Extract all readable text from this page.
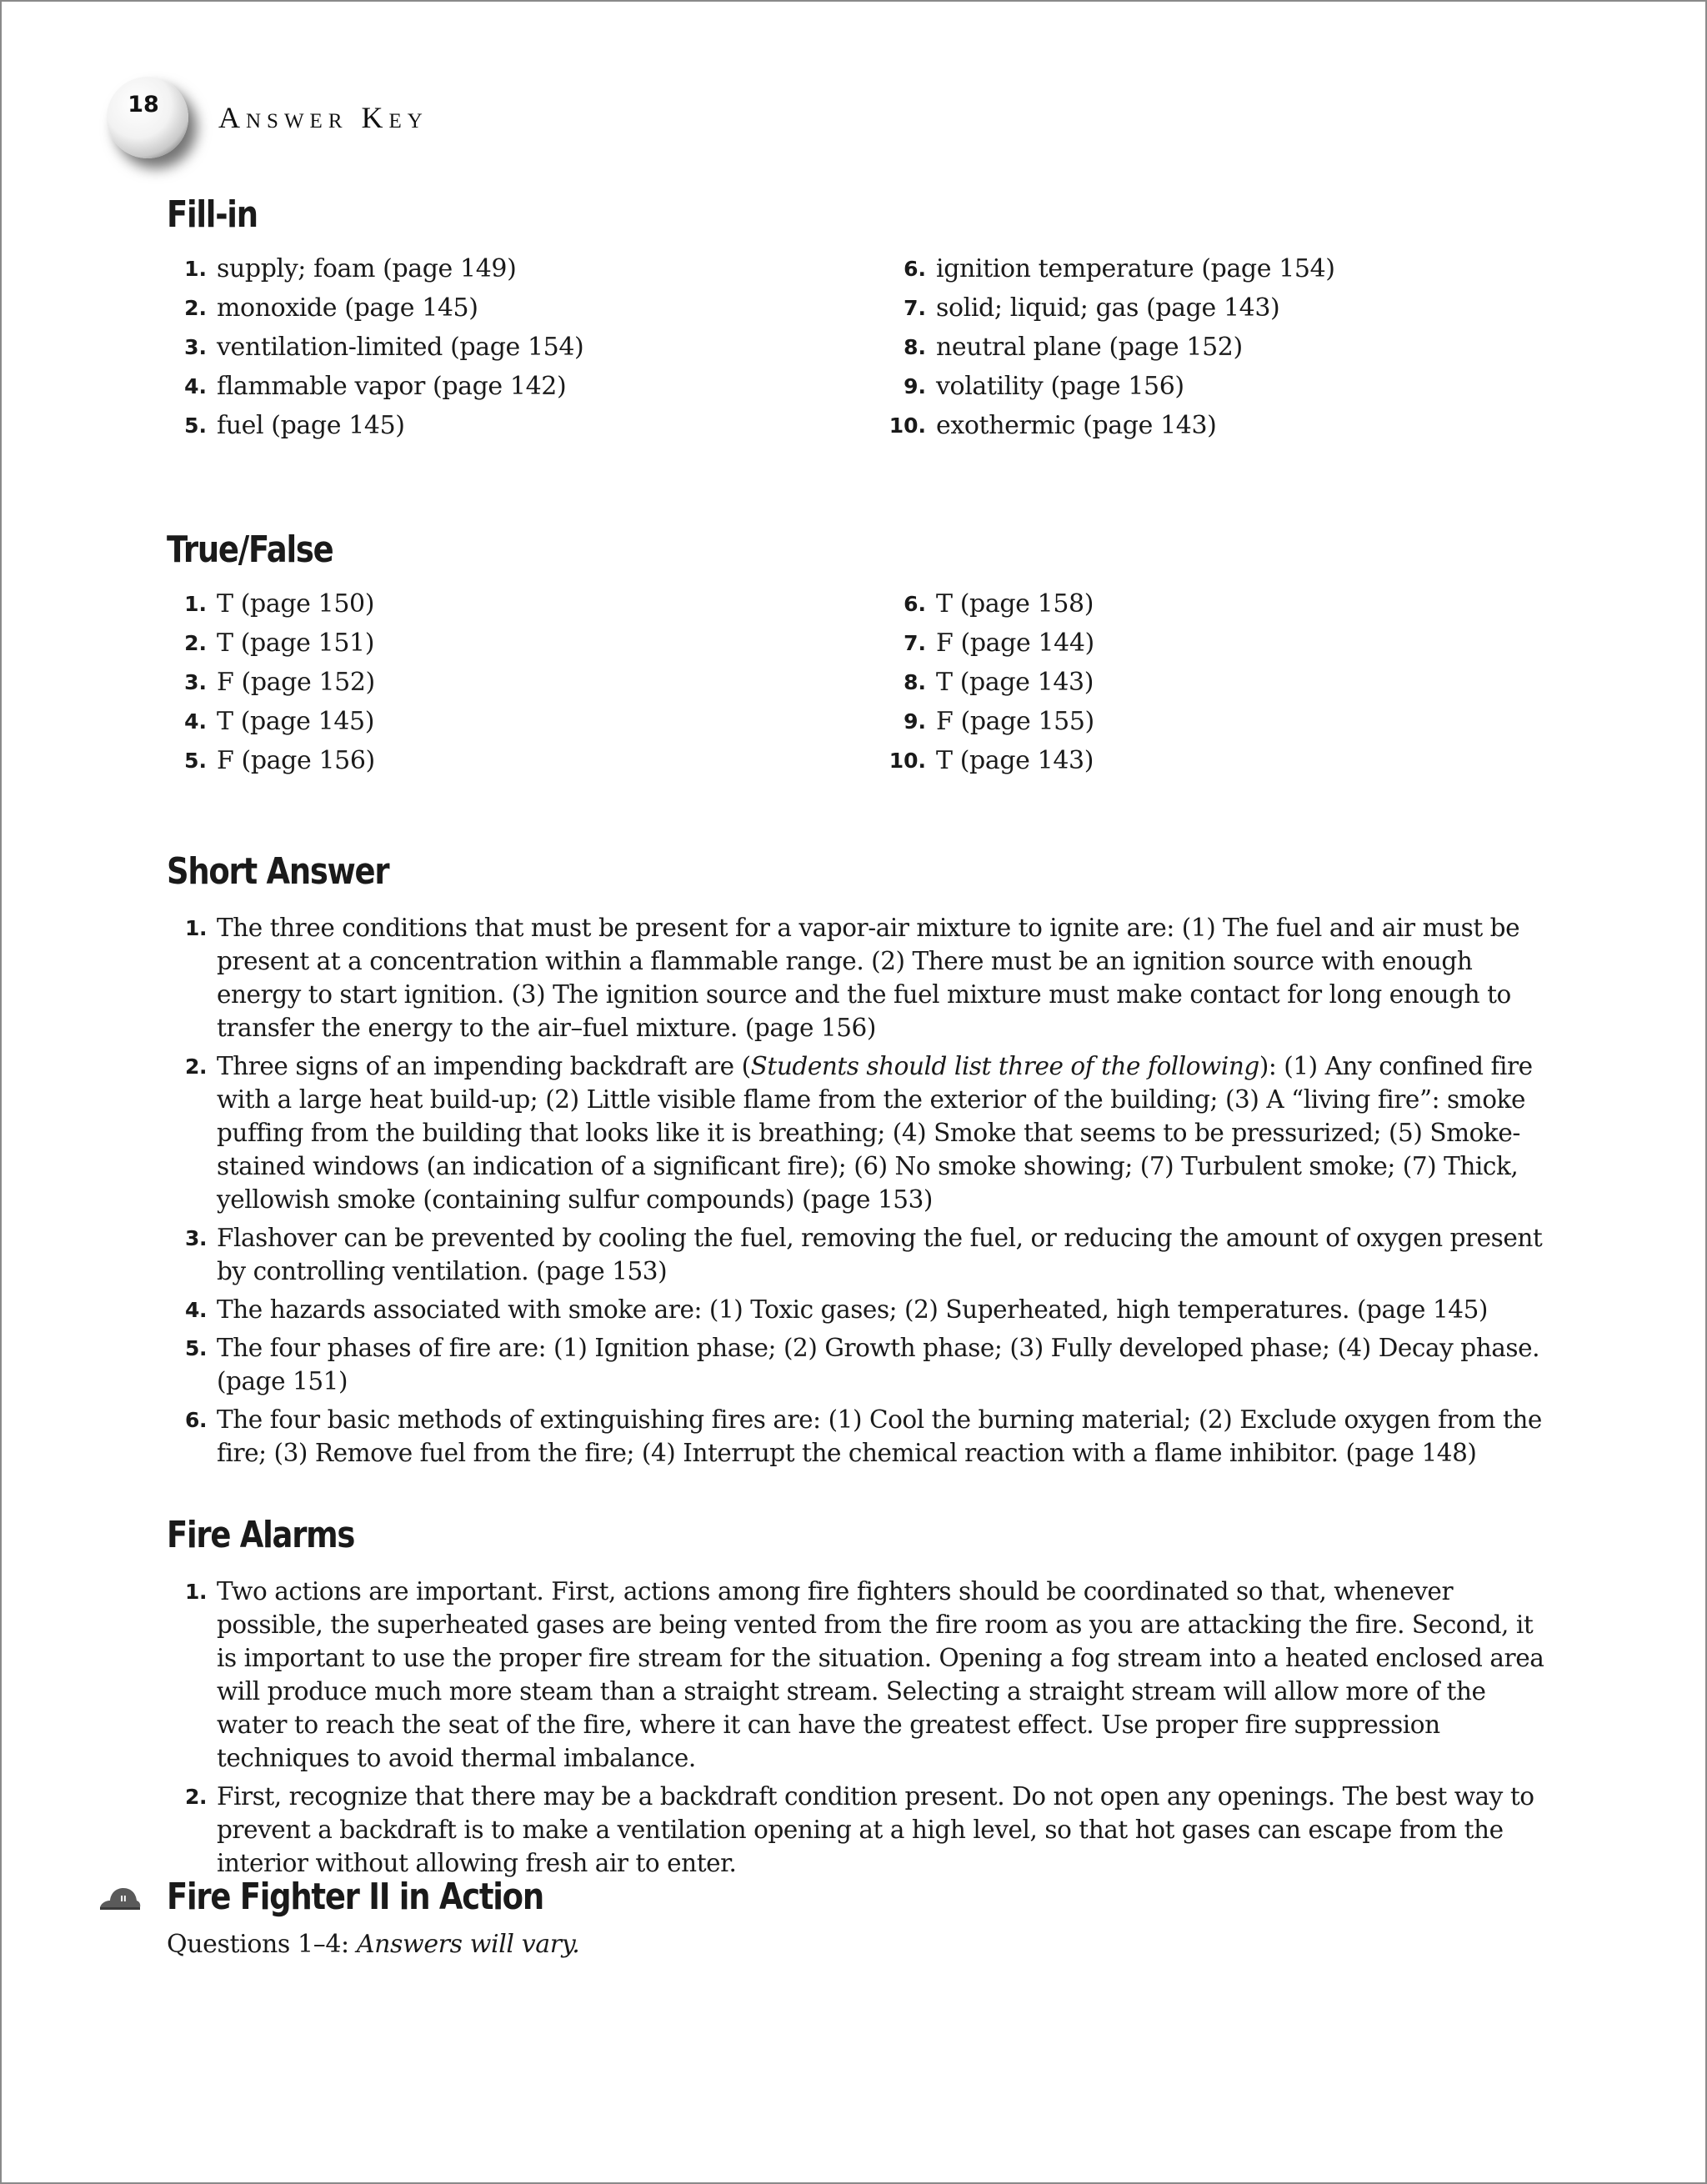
18	Answer Key
Fill-in
1. supply; foam (page 149)
2. monoxide (page 145)
3. ventilation-limited (page 154)
4. flammable vapor (page 142)
5. fuel (page 145)
6. ignition temperature (page 154)
7. solid; liquid; gas (page 143)
8. neutral plane (page 152)
9. volatility (page 156)
10. exothermic (page 143)
True/False
1. T (page 150)
2. T (page 151)
3. F (page 152)
4. T (page 145)
5. F (page 156)
6. T (page 158)
7. F (page 144)
8. T (page 143)
9. F (page 155)
10. T (page 143)
Short Answer
1. The three conditions that must be present for a vapor-air mixture to ignite are: (1) The fuel and air must be present at a concentration within a flammable range. (2) There must be an ignition source with enough energy to start ignition. (3) The ignition source and the fuel mixture must make contact for long enough to transfer the energy to the air–fuel mixture. (page 156)
2. Three signs of an impending backdraft are (Students should list three of the following): (1) Any confined fire with a large heat build-up; (2) Little visible flame from the exterior of the building; (3) A “living fire”: smoke puffing from the building that looks like it is breathing; (4) Smoke that seems to be pressurized; (5) Smoke-stained windows (an indication of a significant fire); (6) No smoke showing; (7) Turbulent smoke; (7) Thick, yellowish smoke (containing sulfur compounds) (page 153)
3. Flashover can be prevented by cooling the fuel, removing the fuel, or reducing the amount of oxygen present by controlling ventilation. (page 153)
4. The hazards associated with smoke are: (1) Toxic gases; (2) Superheated, high temperatures. (page 145)
5. The four phases of fire are: (1) Ignition phase; (2) Growth phase; (3) Fully developed phase; (4) Decay phase. (page 151)
6. The four basic methods of extinguishing fires are: (1) Cool the burning material; (2) Exclude oxygen from the fire; (3) Remove fuel from the fire; (4) Interrupt the chemical reaction with a flame inhibitor. (page 148)
Fire Alarms
1. Two actions are important. First, actions among fire fighters should be coordinated so that, whenever possible, the superheated gases are being vented from the fire room as you are attacking the fire. Second, it is important to use the proper fire stream for the situation. Opening a fog stream into a heated enclosed area will produce much more steam than a straight stream. Selecting a straight stream will allow more of the water to reach the seat of the fire, where it can have the greatest effect. Use proper fire suppression techniques to avoid thermal imbalance.
2. First, recognize that there may be a backdraft condition present. Do not open any openings. The best way to prevent a backdraft is to make a ventilation opening at a high level, so that hot gases can escape from the interior without allowing fresh air to enter.
II Fire Fighter II in Action
Questions 1–4: Answers will vary.
